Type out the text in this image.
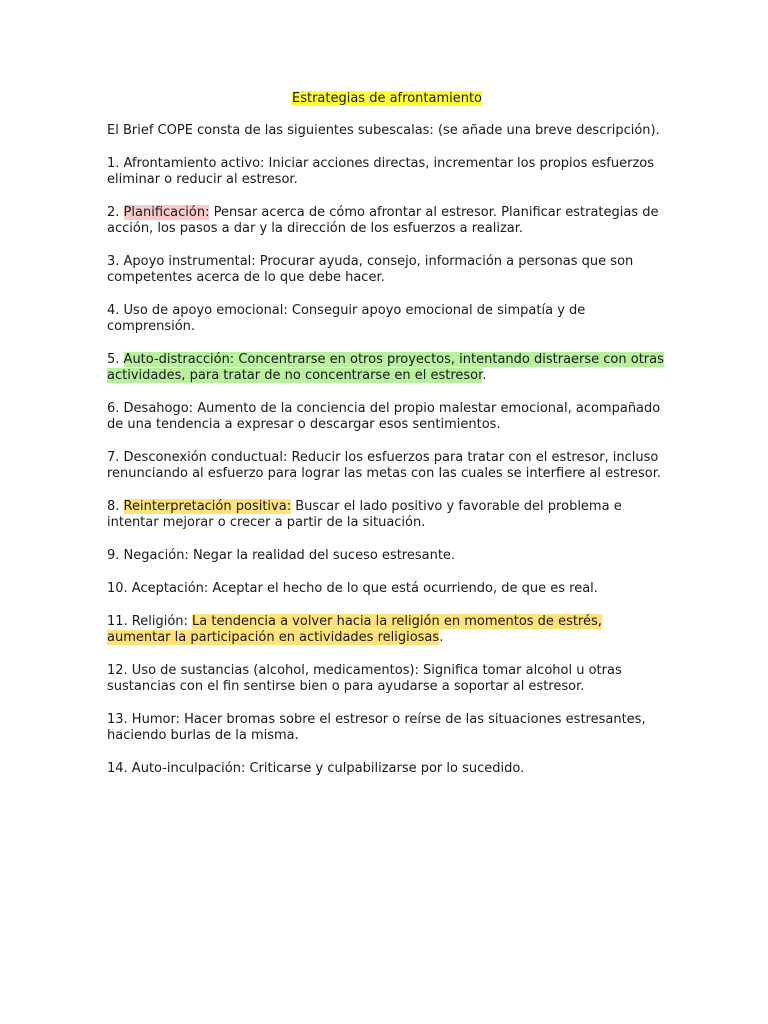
Estrategias de afrontamiento

El Brief COPE consta de las siguientes subescalas: (se añade una breve descripción).

1. Afrontamiento activo: Iniciar acciones directas, incrementar los propios esfuerzos eliminar o reducir al estresor.

2. Planificación: Pensar acerca de cómo afrontar al estresor. Planificar estrategias de acción, los pasos a dar y la dirección de los esfuerzos a realizar.

3. Apoyo instrumental: Procurar ayuda, consejo, información a personas que son competentes acerca de lo que debe hacer.

4. Uso de apoyo emocional: Conseguir apoyo emocional de simpatía y de comprensión.

5. Auto-distracción: Concentrarse en otros proyectos, intentando distraerse con otras actividades, para tratar de no concentrarse en el estresor.

6. Desahogo: Aumento de la conciencia del propio malestar emocional, acompañado de una tendencia a expresar o descargar esos sentimientos.

7. Desconexión conductual: Reducir los esfuerzos para tratar con el estresor, incluso renunciando al esfuerzo para lograr las metas con las cuales se interfiere al estresor.

8. Reinterpretación positiva: Buscar el lado positivo y favorable del problema e intentar mejorar o crecer a partir de la situación.

9. Negación: Negar la realidad del suceso estresante.

10. Aceptación: Aceptar el hecho de lo que está ocurriendo, de que es real.

11. Religión: La tendencia a volver hacia la religión en momentos de estrés, aumentar la participación en actividades religiosas.

12. Uso de sustancias (alcohol, medicamentos): Significa tomar alcohol u otras sustancias con el fin sentirse bien o para ayudarse a soportar al estresor.

13. Humor: Hacer bromas sobre el estresor o reírse de las situaciones estresantes, haciendo burlas de la misma.

14. Auto-inculpación: Criticarse y culpabilizarse por lo sucedido.
